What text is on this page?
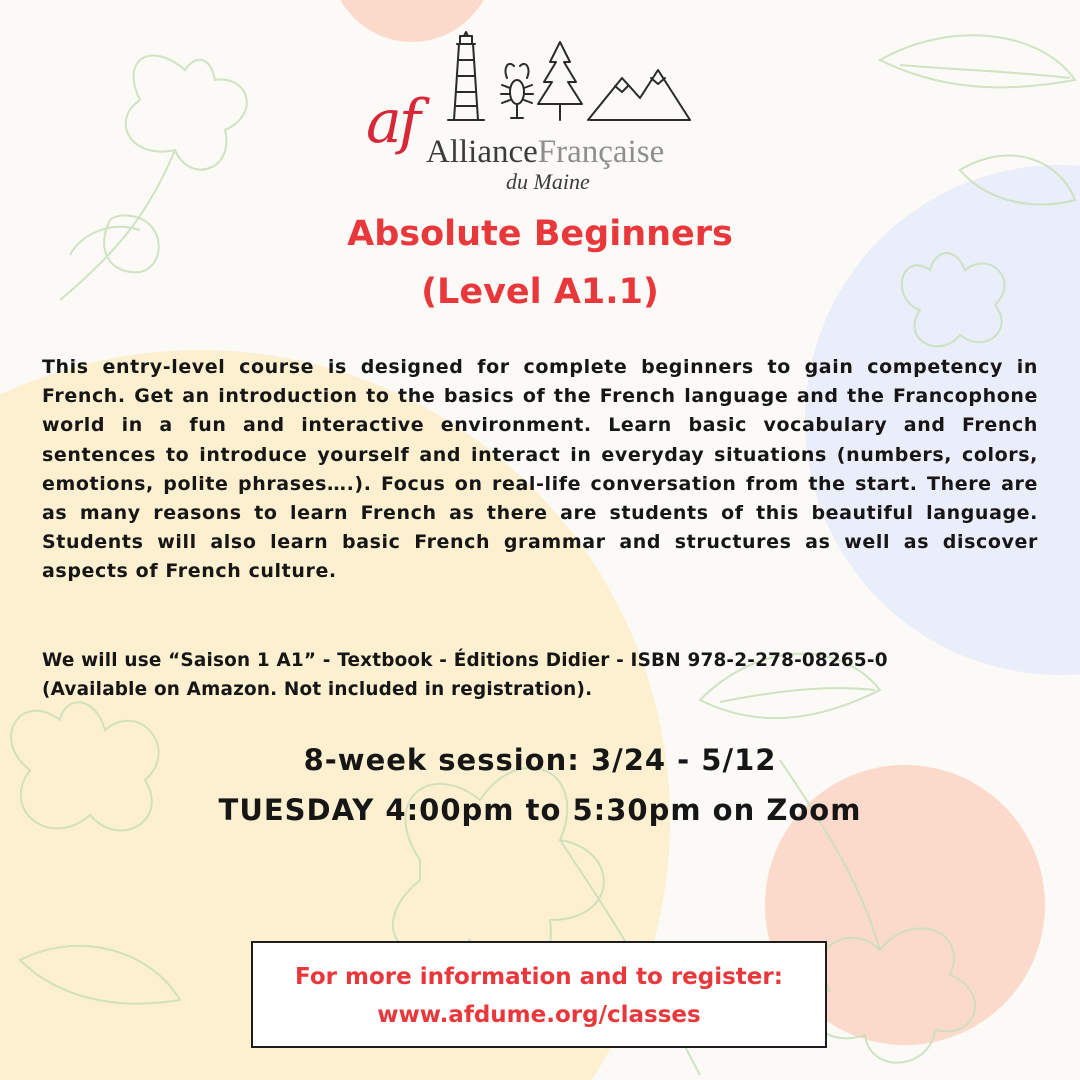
af AllianceFrançaise
du Maine
Absolute Beginners
(Level A1.1)

This entry-level course is designed for complete beginners to gain competency in French. Get an introduction to the basics of the French language and the Francophone world in a fun and interactive environment. Learn basic vocabulary and French sentences to introduce yourself and interact in everyday situations (numbers, colors, emotions, polite phrases….). Focus on real-life conversation from the start. There are as many reasons to learn French as there are students of this beautiful language. Students will also learn basic French grammar and structures as well as discover aspects of French culture.

We will use “Saison 1 A1” - Textbook - Éditions Didier - ISBN 978-2-278-08265-0
(Available on Amazon. Not included in registration).

8-week session: 3/24 - 5/12
TUESDAY 4:00pm to 5:30pm on Zoom
For more information and to register:
www.afdume.org/classes
